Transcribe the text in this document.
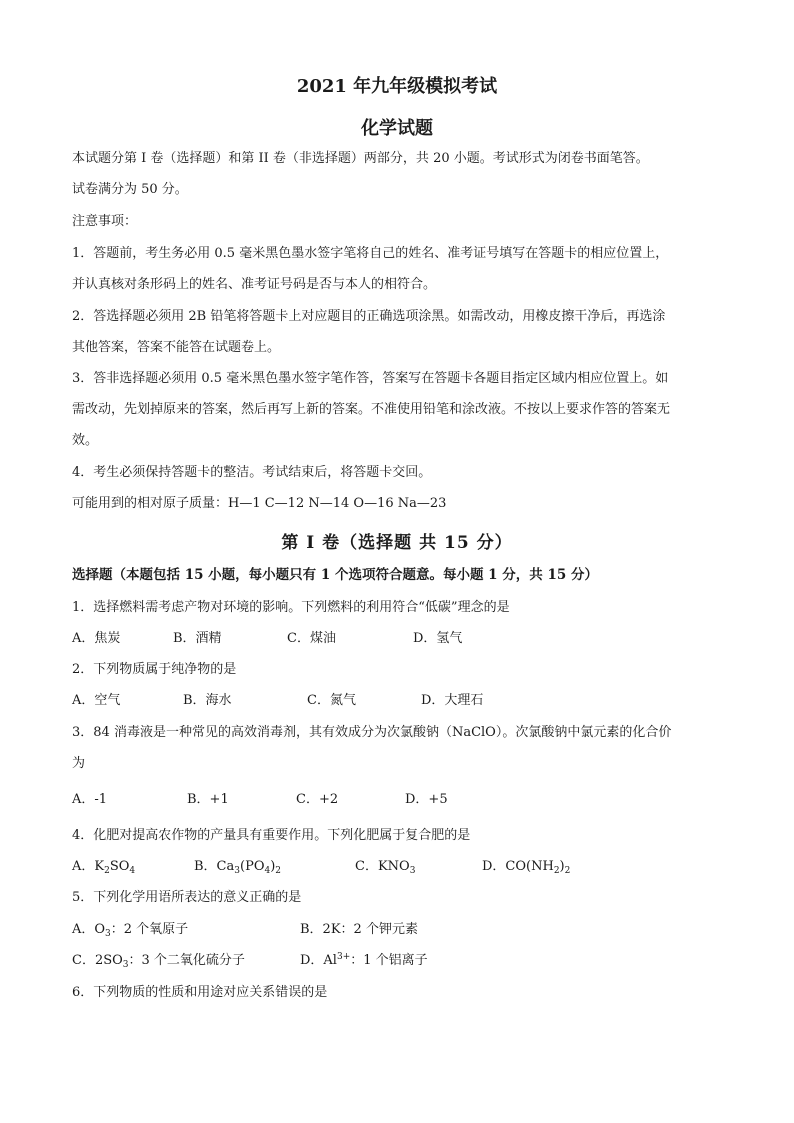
2021 年九年级模拟考试
化学试题
本试题分第 I 卷（选择题）和第 II 卷（非选择题）两部分，共 20 小题。考试形式为闭卷书面笔答。
试卷满分为 50 分。
注意事项：
1．答题前，考生务必用 0.5 毫米黑色墨水签字笔将自己的姓名、准考证号填写在答题卡的相应位置上，
并认真核对条形码上的姓名、准考证号码是否与本人的相符合。
2．答选择题必须用 2B 铅笔将答题卡上对应题目的正确选项涂黑。如需改动，用橡皮擦干净后，再选涂
其他答案，答案不能答在试题卷上。
3．答非选择题必须用 0.5 毫米黑色墨水签字笔作答，答案写在答题卡各题目指定区域内相应位置上。如
需改动，先划掉原来的答案，然后再写上新的答案。不准使用铅笔和涂改液。不按以上要求作答的答案无
效。
4．考生必须保持答题卡的整洁。考试结束后，将答题卡交回。
可能用到的相对原子质量：H—1 C—12 N—14 O—16 Na—23
第 I 卷（选择题 共 15 分）
选择题（本题包括 15 小题，每小题只有 1 个选项符合题意。每小题 1 分，共 15 分）
1．选择燃料需考虑产物对环境的影响。下列燃料的利用符合“低碳”理念的是
A．焦炭	B．酒精	C．煤油	D．氢气
2．下列物质属于纯净物的是
A．空气	B．海水	C．氮气	D．大理石
3．84 消毒液是一种常见的高效消毒剂，其有效成分为次氯酸钠（NaClO）。次氯酸钠中氯元素的化合价
为
A．-1	B．+1	C．+2	D．+5
4．化肥对提高农作物的产量具有重要作用。下列化肥属于复合肥的是
A．$K_2SO_4$	B．$Ca_3(PO_4)_2$	C．$KNO_3$	D．$CO(NH_2)_2$
5．下列化学用语所表达的意义正确的是
A．$O_3$：2 个氧原子	B．2K：2 个钾元素
C．$2SO_3$：3 个二氧化硫分子	D．$Al^{3+}$：1 个铝离子
6．下列物质的性质和用途对应关系错误的是
